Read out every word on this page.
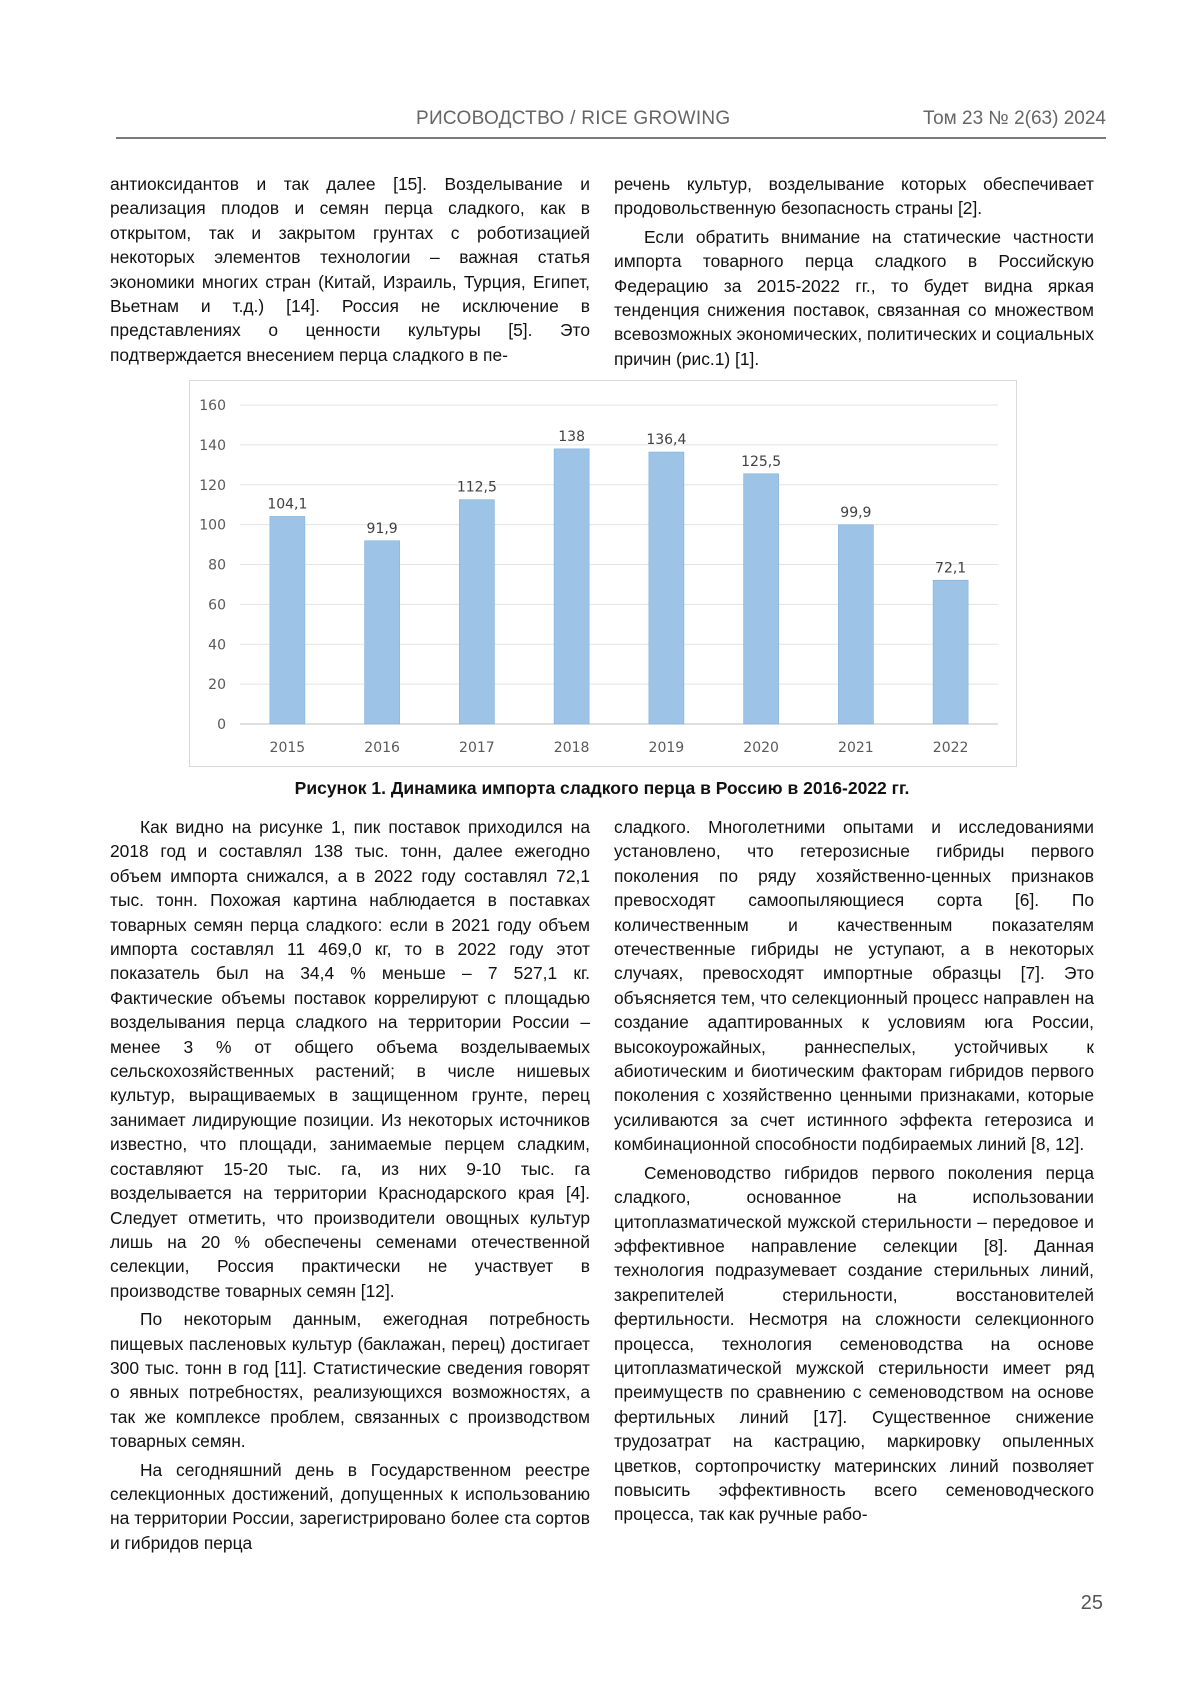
РИСОВОДСТВО / RICE GROWING	Том 23 № 2(63) 2024

антиоксидантов и так далее [15]. Возделывание и реализация плодов и семян перца сладкого, как в открытом, так и закрытом грунтах с роботизацией некоторых элементов технологии – важная статья экономики многих стран (Китай, Израиль, Турция, Египет, Вьетнам и т.д.) [14]. Россия не исключение в представлениях о ценности культуры [5]. Это подтверждается внесением перца сладкого в пе-

речень культур, возделывание которых обеспечивает продовольственную безопасность страны [2].

Если обратить внимание на статические частности импорта товарного перца сладкого в Российскую Федерацию за 2015-2022 гг., то будет видна яркая тенденция снижения поставок, связанная со множеством всевозможных экономических, политических и социальных причин (рис.1) [1].

0
20
40
60
80
100
120
140
160
104,1
2015
91,9
2016
112,5
2017
138
2018
136,4
2019
125,5
2020
99,9
2021
72,1
2022
Рисунок 1. Динамика импорта сладкого перца в Россию в 2016-2022 гг.

Как видно на рисунке 1, пик поставок приходился на 2018 год и составлял 138 тыс. тонн, далее ежегодно объем импорта снижался, а в 2022 году составлял 72,1 тыс. тонн. Похожая картина наблюдается в поставках товарных семян перца сладкого: если в 2021 году объем импорта составлял 11 469,0 кг, то в 2022 году этот показатель был на 34,4 % меньше – 7 527,1 кг. Фактические объемы поставок коррелируют с площадью возделывания перца сладкого на территории России – менее 3 % от общего объема возделываемых сельскохозяйственных растений; в числе нишевых культур, выращиваемых в защищенном грунте, перец занимает лидирующие позиции. Из некоторых источников известно, что площади, занимаемые перцем сладким, составляют 15-20 тыс. га, из них 9-10 тыс. га возделывается на территории Краснодарского края [4]. Следует отметить, что производители овощных культур лишь на 20 % обеспечены семенами отечественной селекции, Россия практически не участвует в производстве товарных семян [12].

По некоторым данным, ежегодная потребность пищевых пасленовых культур (баклажан, перец) достигает 300 тыс. тонн в год [11]. Статистические сведения говорят о явных потребностях, реализующихся возможностях, а так же комплексе проблем, связанных с производством товарных семян.

На сегодняшний день в Государственном реестре селекционных достижений, допущенных к использованию на территории России, зарегистрировано более ста сортов и гибридов перца

сладкого. Многолетними опытами и исследованиями установлено, что гетерозисные гибриды первого поколения по ряду хозяйственно-ценных признаков превосходят самоопыляющиеся сорта [6]. По количественным и качественным показателям отечественные гибриды не уступают, а в некоторых случаях, превосходят импортные образцы [7]. Это объясняется тем, что селекционный процесс направлен на создание адаптированных к условиям юга России, высокоурожайных, раннеспелых, устойчивых к абиотическим и биотическим факторам гибридов первого поколения с хозяйственно ценными признаками, которые усиливаются за счет истинного эффекта гетерозиса и комбинационной способности подбираемых линий [8, 12].

Семеноводство гибридов первого поколения перца сладкого, основанное на использовании цитоплазматической мужской стерильности – передовое и эффективное направление селекции [8]. Данная технология подразумевает создание стерильных линий, закрепителей стерильности, восстановителей фертильности. Несмотря на сложности селекционного процесса, технология семеноводства на основе цитоплазматической мужской стерильности имеет ряд преимуществ по сравнению с семеноводством на основе фертильных линий [17]. Существенное снижение трудозатрат на кастрацию, маркировку опыленных цветков, сортопрочистку материнских линий позволяет повысить эффективность всего семеноводческого процесса, так как ручные рабо-

25
